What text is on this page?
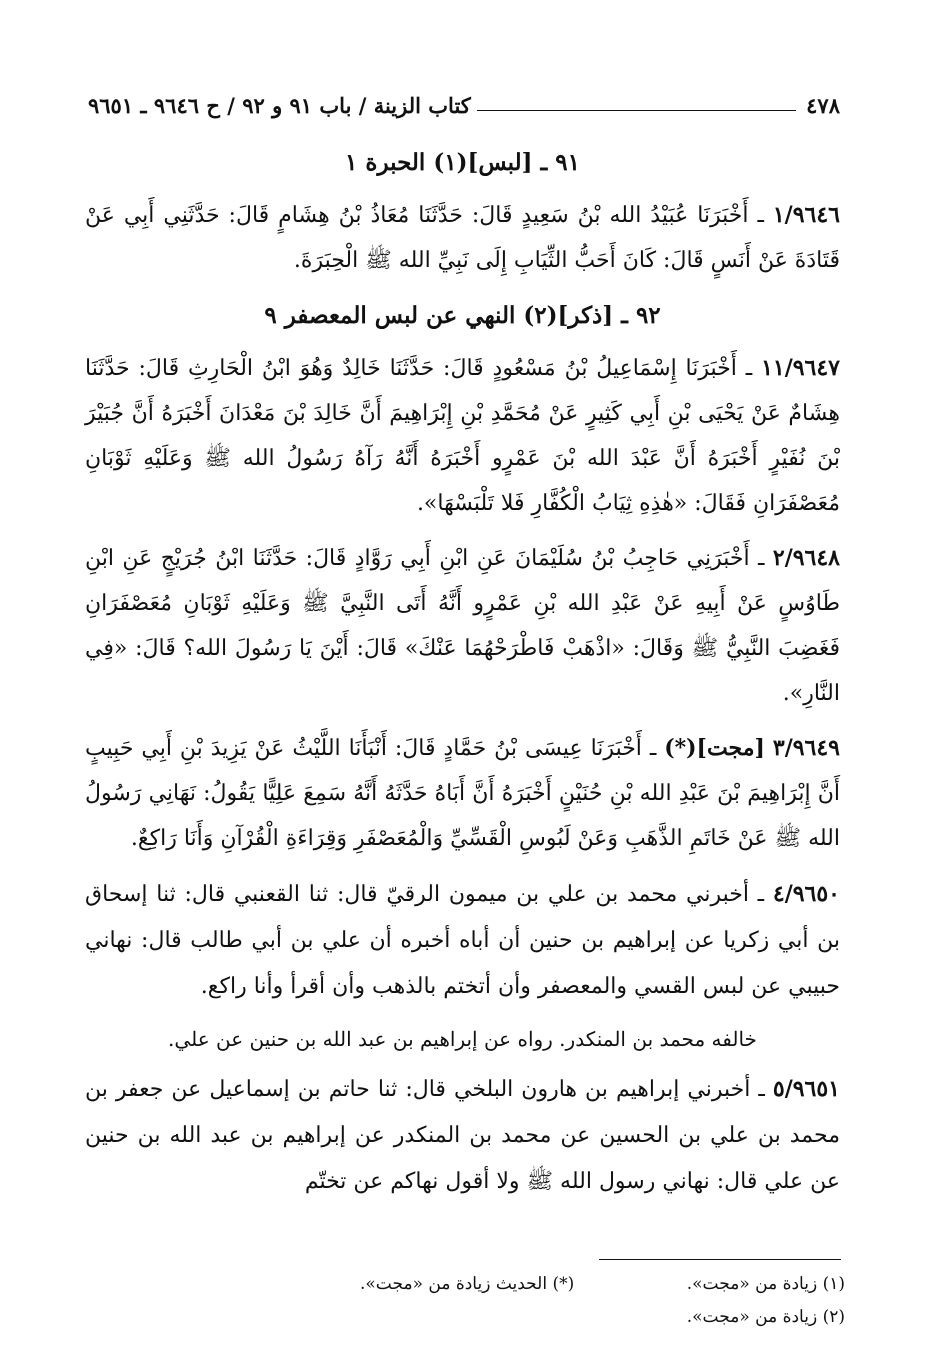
٤٧٨
كتاب الزينة / باب ٩١ و ٩٢ / ح ٩٦٤٦ ـ ٩٦٥١
٩١ ـ [لبس](١) الحبرة ١

١/٩٦٤٦ ـ أَخْبَرَنَا عُبَيْدُ الله بْنُ سَعِيدٍ قَالَ: حَدَّثَنَا مُعَاذُ بْنُ هِشَامٍ قَالَ: حَدَّثَنِي أَبِي عَنْ قَتَادَةَ عَنْ أَنَسٍ قَالَ: كَانَ أَحَبُّ الثِّيَابِ إِلَى نَبِيِّ الله ﷺ الْحِبَرَةَ.

٩٢ ـ [ذكر](٢) النهي عن لبس المعصفر ٩

١١/٩٦٤٧ ـ أَخْبَرَنَا إِسْمَاعِيلُ بْنُ مَسْعُودٍ قَالَ: حَدَّثَنَا خَالِدٌ وَهُوَ ابْنُ الْحَارِثِ قَالَ: حَدَّثَنَا هِشَامٌ عَنْ يَحْيَى بْنِ أَبِي كَثِيرٍ عَنْ مُحَمَّدِ بْنِ إِبْرَاهِيمَ أَنَّ خَالِدَ بْنَ مَعْدَانَ أَخْبَرَهُ أَنَّ جُبَيْرَ بْنَ نُفَيْرٍ أَخْبَرَهُ أَنَّ عَبْدَ الله بْنَ عَمْرٍو أَخْبَرَهُ أَنَّهُ رَآهُ رَسُولُ الله ﷺ وَعَلَيْهِ ثَوْبَانِ مُعَصْفَرَانِ فَقَالَ: «هٰذِهِ ثِيَابُ الْكُفَّارِ فَلا تَلْبَسْهَا».

٢/٩٦٤٨ ـ أَخْبَرَنِي حَاجِبُ بْنُ سُلَيْمَانَ عَنِ ابْنِ أَبِي رَوَّادٍ قَالَ: حَدَّثَنَا ابْنُ جُرَيْجٍ عَنِ ابْنِ طَاوُسٍ عَنْ أَبِيهِ عَنْ عَبْدِ الله بْنِ عَمْرٍو أَنَّهُ أَتَى النَّبِيَّ ﷺ وَعَلَيْهِ ثَوْبَانِ مُعَصْفَرَانِ فَغَضِبَ النَّبِيُّ ﷺ وَقَالَ: «اذْهَبْ فَاطْرَحْهُمَا عَنْكَ» قَالَ: أَيْنَ يَا رَسُولَ الله؟ قَالَ: «فِي النَّارِ».

٣/٩٦٤٩ [مجت](*) ـ أَخْبَرَنَا عِيسَى بْنُ حَمَّادٍ قَالَ: أَنْبَأَنَا اللَّيْثُ عَنْ يَزِيدَ بْنِ أَبِي حَبِيبٍ أَنَّ إِبْرَاهِيمَ بْنَ عَبْدِ الله بْنِ حُنَيْنٍ أَخْبَرَهُ أَنَّ أَبَاهُ حَدَّثَهُ أَنَّهُ سَمِعَ عَلِيًّا يَقُولُ: نَهَانِي رَسُولُ الله ﷺ عَنْ خَاتَمِ الذَّهَبِ وَعَنْ لَبُوسِ الْقَسِّيِّ وَالْمُعَصْفَرِ وَقِرَاءَةِ الْقُرْآنِ وَأَنَا رَاكِعٌ.

٤/٩٦٥٠ ـ أخبرني محمد بن علي بن ميمون الرقيّ قال: ثنا القعنبي قال: ثنا إسحاق بن أبي زكريا عن إبراهيم بن حنين أن أباه أخبره أن علي بن أبي طالب قال: نهاني حبيبي عن لبس القسي والمعصفر وأن أتختم بالذهب وأن أقرأ وأنا راكع.

خالفه محمد بن المنكدر. رواه عن إبراهيم بن عبد الله بن حنين عن علي.

٥/٩٦٥١ ـ أخبرني إبراهيم بن هارون البلخي قال: ثنا حاتم بن إسماعيل عن جعفر بن محمد بن علي بن الحسين عن محمد بن المنكدر عن إبراهيم بن عبد الله بن حنين عن علي قال: نهاني رسول الله ﷺ ولا أقول نهاكم عن تختّم

(١) زيادة من «مجت».
(*) الحديث زيادة من «مجت».
(٢) زيادة من «مجت».
